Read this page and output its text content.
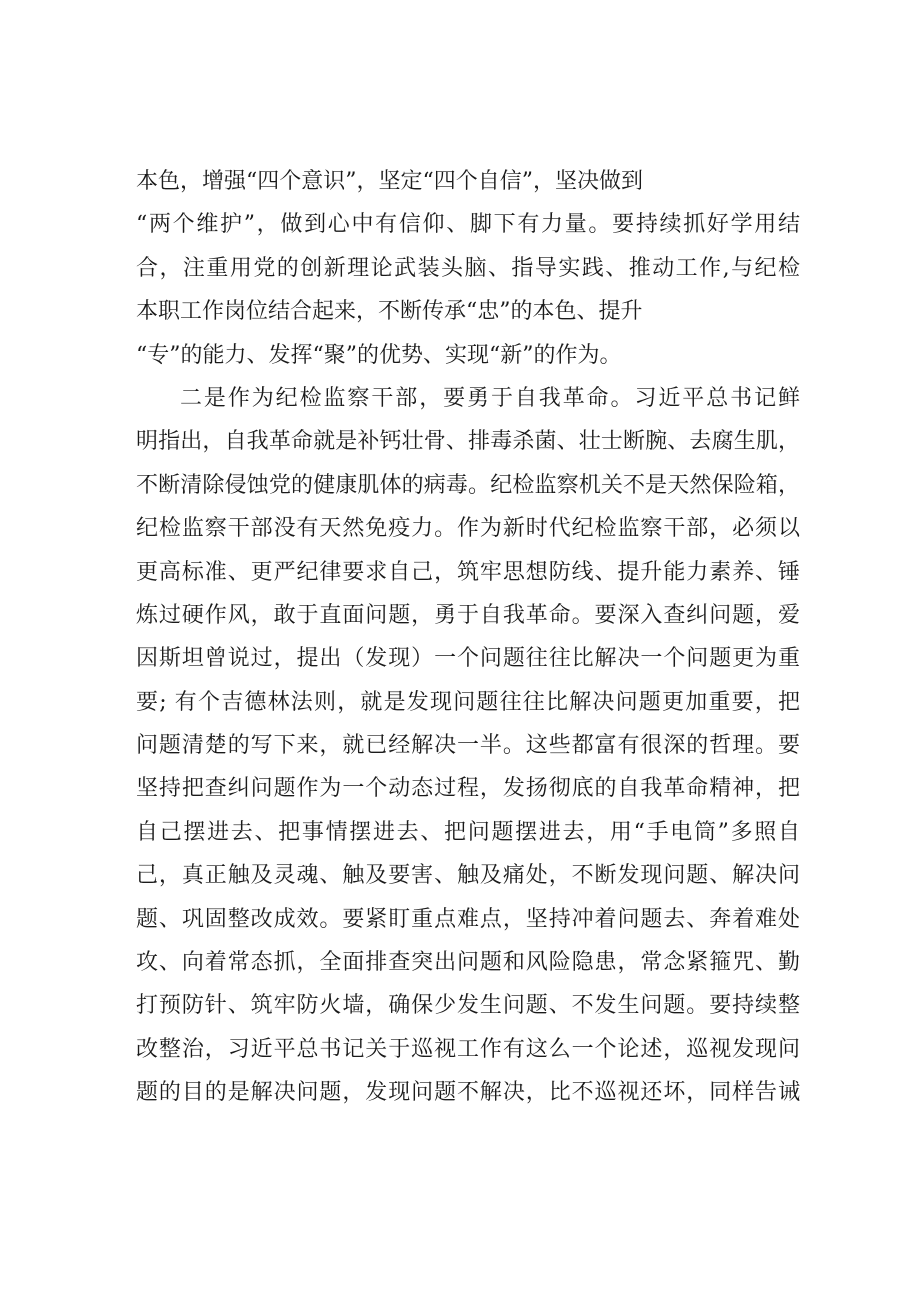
本色，增强“四个意识”，坚定“四个自信”，坚决做到
“两个维护”，做到心中有信仰、脚下有力量。要持续抓好学用结
合，注重用党的创新理论武装头脑、指导实践、推动工作,与纪检
本职工作岗位结合起来，不断传承“忠”的本色、提升
“专”的能力、发挥“聚”的优势、实现“新”的作为。
二是作为纪检监察干部，要勇于自我革命。习近平总书记鲜
明指出，自我革命就是补钙壮骨、排毒杀菌、壮士断腕、去腐生肌，
不断清除侵蚀党的健康肌体的病毒。纪检监察机关不是天然保险箱，
纪检监察干部没有天然免疫力。作为新时代纪检监察干部，必须以
更高标准、更严纪律要求自己，筑牢思想防线、提升能力素养、锤
炼过硬作风，敢于直面问题，勇于自我革命。要深入查纠问题，爱
因斯坦曾说过，提出（发现）一个问题往往比解决一个问题更为重
要; 有个吉德林法则，就是发现问题往往比解决问题更加重要，把
问题清楚的写下来，就已经解决一半。这些都富有很深的哲理。要
坚持把查纠问题作为一个动态过程，发扬彻底的自我革命精神，把
自己摆进去、把事情摆进去、把问题摆进去，用“手电筒”多照自
己，真正触及灵魂、触及要害、触及痛处，不断发现问题、解决问
题、巩固整改成效。要紧盯重点难点，坚持冲着问题去、奔着难处
攻、向着常态抓，全面排查突出问题和风险隐患，常念紧箍咒、勤
打预防针、筑牢防火墙，确保少发生问题、不发生问题。要持续整
改整治，习近平总书记关于巡视工作有这么一个论述，巡视发现问
题的目的是解决问题，发现问题不解决，比不巡视还坏，同样告诫
